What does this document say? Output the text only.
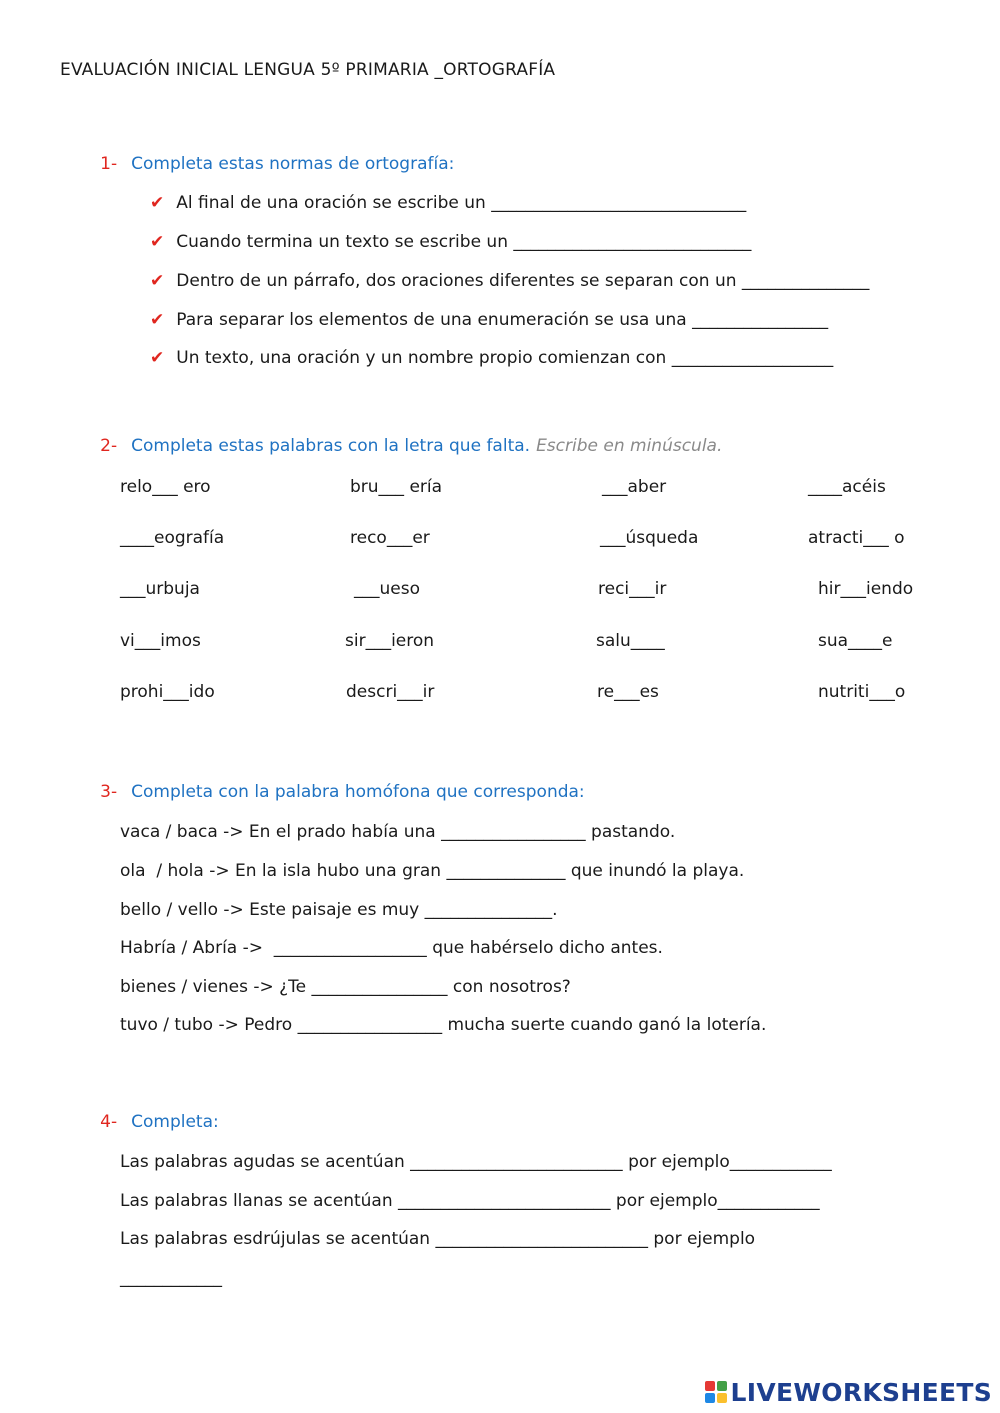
EVALUACIÓN INICIAL LENGUA 5º PRIMARIA _ORTOGRAFÍA

1- Completa estas normas de ortografía:

✔ Al final de una oración se escribe un ______________________________
✔ Cuando termina un texto se escribe un ____________________________
✔ Dentro de un párrafo, dos oraciones diferentes se separan con un _______________
✔ Para separar los elementos de una enumeración se usa una ________________
✔ Un texto, una oración y un nombre propio comienzan con ___________________

2- Completa estas palabras con la letra que falta. Escribe en minúscula.

relo___ ero	bru___ ería	___aber	____acéis
____eografía	reco___er	___úsqueda	atracti___ o
___urbuja	___ueso	reci___ir	hir___iendo
vi___imos	sir___ieron	salu____	sua____e
prohi___ido	descri___ir	re___es	nutriti___o

3- Completa con la palabra homófona que corresponda:

vaca / baca -> En el prado había una _________________ pastando.
ola  / hola -> En la isla hubo una gran ______________ que inundó la playa.
bello / vello -> Este paisaje es muy _______________.
Habría / Abría ->  __________________ que habérselo dicho antes.
bienes / vienes -> ¿Te ________________ con nosotros?
tuvo / tubo -> Pedro _________________ mucha suerte cuando ganó la lotería.

4- Completa:

Las palabras agudas se acentúan _________________________ por ejemplo____________
Las palabras llanas se acentúan _________________________ por ejemplo____________
Las palabras esdrújulas se acentúan _________________________ por ejemplo
____________
LIVEWORKSHEETS
